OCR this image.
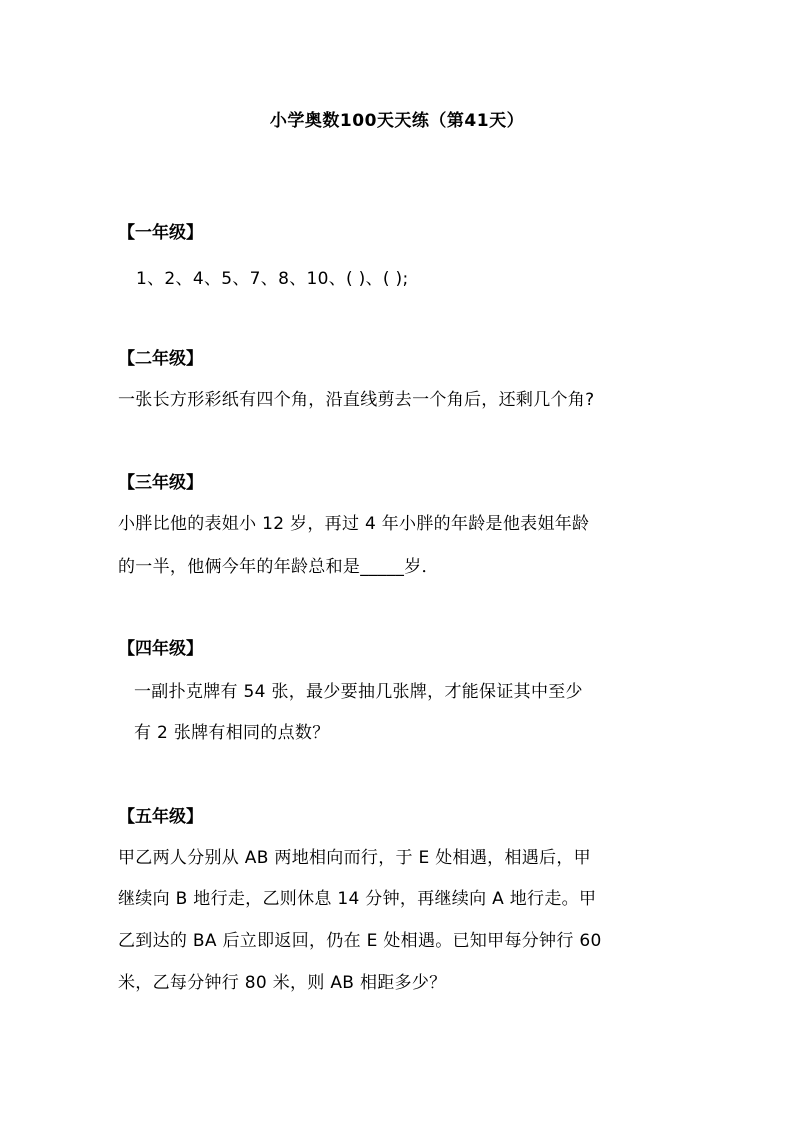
小学奥数100天天练（第41天）
【一年级】
1、2、4、5、7、8、10、( )、( );
【二年级】
一张长方形彩纸有四个角，沿直线剪去一个角后，还剩几个角?
【三年级】
小胖比他的表姐小 12 岁，再过 4 年小胖的年龄是他表姐年龄
的一半，他俩今年的年龄总和是_____岁．
【四年级】
一副扑克牌有 54 张，最少要抽几张牌，才能保证其中至少
有 2 张牌有相同的点数？
【五年级】
甲乙两人分别从 AB 两地相向而行，于 E 处相遇，相遇后，甲
继续向 B 地行走，乙则休息 14 分钟，再继续向 A 地行走。甲
乙到达的 BA 后立即返回，仍在 E 处相遇。已知甲每分钟行 60
米，乙每分钟行 80 米，则 AB 相距多少？
